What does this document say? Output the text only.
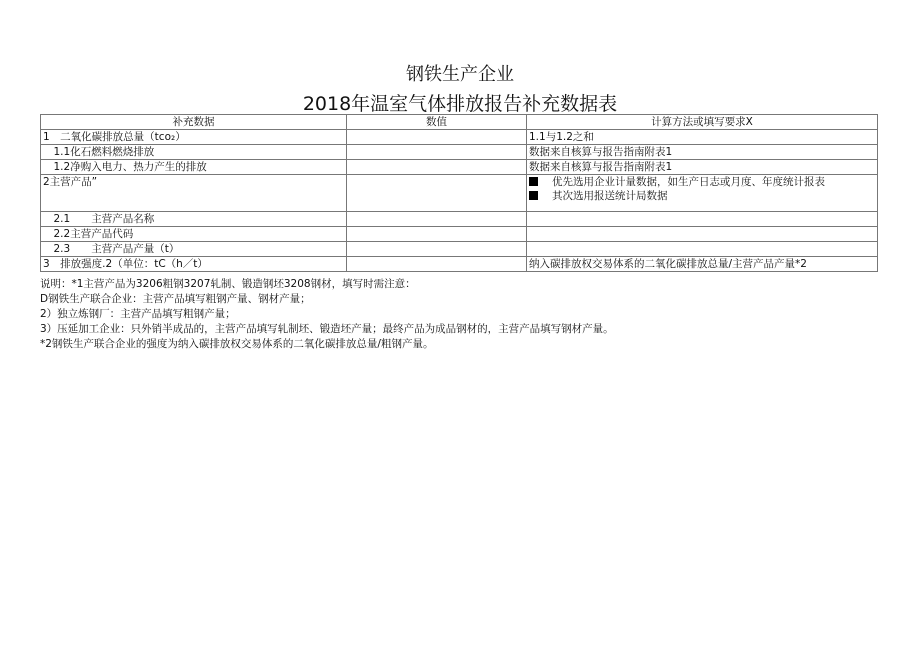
钢铁生产企业
2018年温室气体排放报告补充数据表
补充数据	数值	计算方法或填写要求X
1　二氧化碳排放总量（tco₂）		1.1与1.2之和
　1.1化石燃料燃烧排放		数据来自核算与报告指南附表1
　1.2净购入电力、热力产生的排放		数据来自核算与报告指南附表1
2主营产品”		优先选用企业计量数据，如生产日志或月度、年度统计报表
其次选用报送统计局数据

　2.1　　主营产品名称		
　2.2主营产品代码		
　2.3　　主营产品产量（t）		
3　排放强度.2（单位：tC（h／t）		纳入碳排放权交易体系的二氧化碳排放总量/主营产品产量*2
说明：*1主营产品为3206粗钢3207轧制、锻造钢坯3208钢材，填写时需注意：
D钢铁生产联合企业：主营产品填写粗钢产量、钢材产量；
2）独立炼钢厂：主营产品填写粗钢产量；
3）压延加工企业：只外销半成品的，主营产品填写轧制坯、锻造坯产量；最终产品为成品钢材的，主营产品填写钢材产量。
*2钢铁生产联合企业的强度为纳入碳排放权交易体系的二氧化碳排放总量/粗钢产量。
